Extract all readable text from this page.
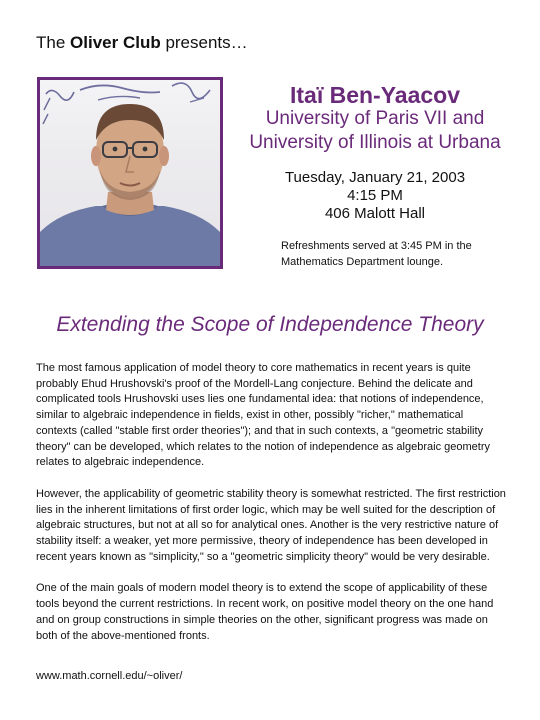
The Oliver Club presents…
Itaï Ben-Yaacov
University of Paris VII and
University of Illinois at Urbana
Tuesday, January 21, 2003
4:15 PM
406 Malott Hall
Refreshments served at 3:45 PM in the Mathematics Department lounge.
Extending the Scope of Independence Theory

The most famous application of model theory to core mathematics in recent years is quite probably Ehud Hrushovski's proof of the Mordell-Lang conjecture. Behind the delicate and complicated tools Hrushovski uses lies one fundamental idea: that notions of independence, similar to algebraic independence in fields, exist in other, possibly "richer," mathematical contexts (called "stable first order theories"); and that in such contexts, a "geometric stability theory" can be developed, which relates to the notion of independence as algebraic geometry relates to algebraic independence.

However, the applicability of geometric stability theory is somewhat restricted. The first restriction lies in the inherent limitations of first order logic, which may be well suited for the description of algebraic structures, but not at all so for analytical ones. Another is the very restrictive nature of stability itself: a weaker, yet more permissive, theory of independence has been developed in recent years known as "simplicity," so a "geometric simplicity theory" would be very desirable.

One of the main goals of modern model theory is to extend the scope of applicability of these tools beyond the current restrictions. In recent work, on positive model theory on the one hand and on group constructions in simple theories on the other, significant progress was made on both of the above-mentioned fronts.

www.math.cornell.edu/~oliver/
